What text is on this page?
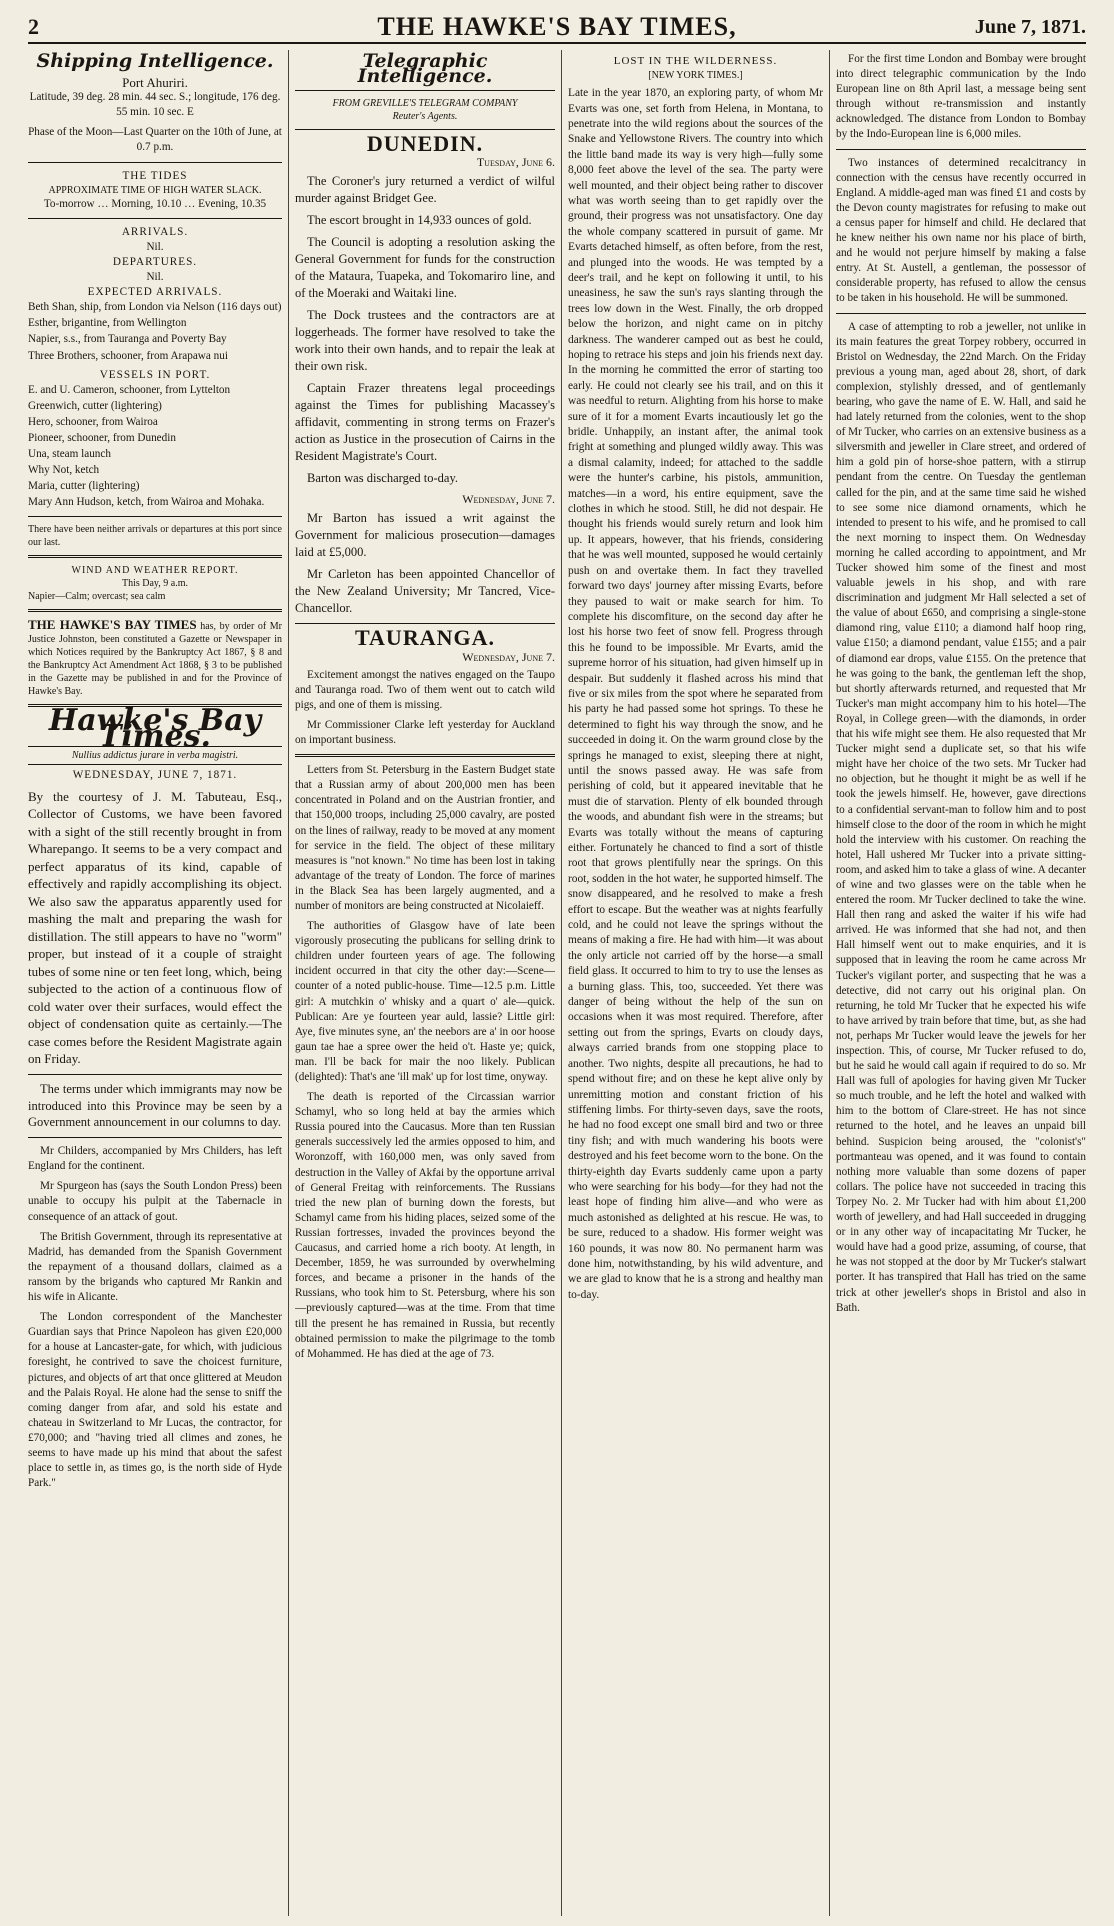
2	THE HAWKE'S BAY TIMES,	June 7, 1871.
Shipping Intelligence.
Port Ahuriri.

Latitude, 39 deg. 28 min. 44 sec. S.; longitude, 176 deg. 55 min. 10 sec. E

Phase of the Moon—Last Quarter on the 10th of June, at 0.7 p.m.

THE TIDES
APPROXIMATE TIME OF HIGH WATER SLACK.
To-morrow … Morning, 10.10 … Evening, 10.35
ARRIVALS.
Nil.
DEPARTURES.
Nil.
EXPECTED ARRIVALS.

Beth Shan, ship, from London via Nelson (116 days out)

Esther, brigantine, from Wellington

Napier, s.s., from Tauranga and Poverty Bay

Three Brothers, schooner, from Arapawa nui

VESSELS IN PORT.

E. and U. Cameron, schooner, from Lyttelton

Greenwich, cutter (lightering)

Hero, schooner, from Wairoa

Pioneer, schooner, from Dunedin

Una, steam launch

Why Not, ketch

Maria, cutter (lightering)

Mary Ann Hudson, ketch, from Wairoa and Mohaka.

There have been neither arrivals or departures at this port since our last.

WIND AND WEATHER REPORT.
This Day, 9 a.m.
Napier—Calm; overcast; sea calm
THE HAWKE'S BAY TIMES has, by order of Mr Justice Johnston, been constituted a Gazette or Newspaper in which Notices required by the Bankruptcy Act 1867, § 8 and the Bankruptcy Act Amendment Act 1868, § 3 to be published in the Gazette may be published in and for the Province of Hawke's Bay.
Hawke's Bay Times.
Nullius addictus jurare in verba magistri.
WEDNESDAY, JUNE 7, 1871.

By the courtesy of J. M. Tabuteau, Esq., Collector of Customs, we have been favored with a sight of the still recently brought in from Wharepango. It seems to be a very compact and perfect apparatus of its kind, capable of effectively and rapidly accomplishing its object. We also saw the apparatus apparently used for mashing the malt and preparing the wash for distillation. The still appears to have no "worm" proper, but instead of it a couple of straight tubes of some nine or ten feet long, which, being subjected to the action of a continuous flow of cold water over their surfaces, would effect the object of condensation quite as certainly.—The case comes before the Resident Magistrate again on Friday.

The terms under which immigrants may now be introduced into this Province may be seen by a Government announcement in our columns to day.

Mr Childers, accompanied by Mrs Childers, has left England for the continent.

Mr Spurgeon has (says the South London Press) been unable to occupy his pulpit at the Tabernacle in consequence of an attack of gout.

The British Government, through its representative at Madrid, has demanded from the Spanish Government the repayment of a thousand dollars, claimed as a ransom by the brigands who captured Mr Rankin and his wife in Alicante.

The London correspondent of the Manchester Guardian says that Prince Napoleon has given £20,000 for a house at Lancaster-gate, for which, with judicious foresight, he contrived to save the choicest furniture, pictures, and objects of art that once glittered at Meudon and the Palais Royal. He alone had the sense to sniff the coming danger from afar, and sold his estate and chateau in Switzerland to Mr Lucas, the contractor, for £70,000; and "having tried all climes and zones, he seems to have made up his mind that about the safest place to settle in, as times go, is the north side of Hyde Park."

Telegraphic Intelligence.
FROM GREVILLE'S TELEGRAM COMPANY
Reuter's Agents.
DUNEDIN.
Tuesday, June 6.

The Coroner's jury returned a verdict of wilful murder against Bridget Gee.

The escort brought in 14,933 ounces of gold.

The Council is adopting a resolution asking the General Government for funds for the construction of the Mataura, Tuapeka, and Tokomariro line, and of the Moeraki and Waitaki line.

The Dock trustees and the contractors are at loggerheads. The former have resolved to take the work into their own hands, and to repair the leak at their own risk.

Captain Frazer threatens legal proceedings against the Times for publishing Macassey's affidavit, commenting in strong terms on Frazer's action as Justice in the prosecution of Cairns in the Resident Magistrate's Court.

Barton was discharged to-day.

Wednesday, June 7.

Mr Barton has issued a writ against the Government for malicious prosecution—damages laid at £5,000.

Mr Carleton has been appointed Chancellor of the New Zealand University; Mr Tancred, Vice-Chancellor.

TAURANGA.
Wednesday, June 7.

Excitement amongst the natives engaged on the Taupo and Tauranga road. Two of them went out to catch wild pigs, and one of them is missing.

Mr Commissioner Clarke left yesterday for Auckland on important business.

Letters from St. Petersburg in the Eastern Budget state that a Russian army of about 200,000 men has been concentrated in Poland and on the Austrian frontier, and that 150,000 troops, including 25,000 cavalry, are posted on the lines of railway, ready to be moved at any moment for service in the field. The object of these military measures is "not known." No time has been lost in taking advantage of the treaty of London. The force of marines in the Black Sea has been largely augmented, and a number of monitors are being constructed at Nicolaieff.

The authorities of Glasgow have of late been vigorously prosecuting the publicans for selling drink to children under fourteen years of age. The following incident occurred in that city the other day:—Scene—counter of a noted public-house. Time—12.5 p.m. Little girl: A mutchkin o' whisky and a quart o' ale—quick. Publican: Are ye fourteen year auld, lassie? Little girl: Aye, five minutes syne, an' the neebors are a' in oor hoose gaun tae hae a spree ower the heid o't. Haste ye; quick, man. I'll be back for mair the noo likely. Publican (delighted): That's ane 'ill mak' up for lost time, onyway.

The death is reported of the Circassian warrior Schamyl, who so long held at bay the armies which Russia poured into the Caucasus. More than ten Russian generals successively led the armies opposed to him, and Woronzoff, with 160,000 men, was only saved from destruction in the Valley of Akfai by the opportune arrival of General Freitag with reinforcements. The Russians tried the new plan of burning down the forests, but Schamyl came from his hiding places, seized some of the Russian fortresses, invaded the provinces beyond the Caucasus, and carried home a rich booty. At length, in December, 1859, he was surrounded by overwhelming forces, and became a prisoner in the hands of the Russians, who took him to St. Petersburg, where his son—previously captured—was at the time. From that time till the present he has remained in Russia, but recently obtained permission to make the pilgrimage to the tomb of Mohammed. He has died at the age of 73.

LOST IN THE WILDERNESS.
[NEW YORK TIMES.]

Late in the year 1870, an exploring party, of whom Mr Evarts was one, set forth from Helena, in Montana, to penetrate into the wild regions about the sources of the Snake and Yellowstone Rivers. The country into which the little band made its way is very high—fully some 8,000 feet above the level of the sea. The party were well mounted, and their object being rather to discover what was worth seeing than to get rapidly over the ground, their progress was not unsatisfactory. One day the whole company scattered in pursuit of game. Mr Evarts detached himself, as often before, from the rest, and plunged into the woods. He was tempted by a deer's trail, and he kept on following it until, to his uneasiness, he saw the sun's rays slanting through the trees low down in the West. Finally, the orb dropped below the horizon, and night came on in pitchy darkness. The wanderer camped out as best he could, hoping to retrace his steps and join his friends next day. In the morning he committed the error of starting too early. He could not clearly see his trail, and on this it was needful to return. Alighting from his horse to make sure of it for a moment Evarts incautiously let go the bridle. Unhappily, an instant after, the animal took fright at something and plunged wildly away. This was a dismal calamity, indeed; for attached to the saddle were the hunter's carbine, his pistols, ammunition, matches—in a word, his entire equipment, save the clothes in which he stood. Still, he did not despair. He thought his friends would surely return and look him up. It appears, however, that his friends, considering that he was well mounted, supposed he would certainly push on and overtake them. In fact they travelled forward two days' journey after missing Evarts, before they paused to wait or make search for him. To complete his discomfiture, on the second day after he lost his horse two feet of snow fell. Progress through this he found to be impossible. Mr Evarts, amid the supreme horror of his situation, had given himself up in despair. But suddenly it flashed across his mind that five or six miles from the spot where he separated from his party he had passed some hot springs. To these he determined to fight his way through the snow, and he succeeded in doing it. On the warm ground close by the springs he managed to exist, sleeping there at night, until the snows passed away. He was safe from perishing of cold, but it appeared inevitable that he must die of starvation. Plenty of elk bounded through the woods, and abundant fish were in the streams; but Evarts was totally without the means of capturing either. Fortunately he chanced to find a sort of thistle root that grows plentifully near the springs. On this root, sodden in the hot water, he supported himself. The snow disappeared, and he resolved to make a fresh effort to escape. But the weather was at nights fearfully cold, and he could not leave the springs without the means of making a fire. He had with him—it was about the only article not carried off by the horse—a small field glass. It occurred to him to try to use the lenses as a burning glass. This, too, succeeded. Yet there was danger of being without the help of the sun on occasions when it was most required. Therefore, after setting out from the springs, Evarts on cloudy days, always carried brands from one stopping place to another. Two nights, despite all precautions, he had to spend without fire; and on these he kept alive only by unremitting motion and constant friction of his stiffening limbs. For thirty-seven days, save the roots, he had no food except one small bird and two or three tiny fish; and with much wandering his boots were destroyed and his feet become worn to the bone. On the thirty-eighth day Evarts suddenly came upon a party who were searching for his body—for they had not the least hope of finding him alive—and who were as much astonished as delighted at his rescue. He was, to be sure, reduced to a shadow. His former weight was 160 pounds, it was now 80. No permanent harm was done him, notwithstanding, by his wild adventure, and we are glad to know that he is a strong and healthy man to-day.

For the first time London and Bombay were brought into direct telegraphic communication by the Indo European line on 8th April last, a message being sent through without re-transmission and instantly acknowledged. The distance from London to Bombay by the Indo-European line is 6,000 miles.

Two instances of determined recalcitrancy in connection with the census have recently occurred in England. A middle-aged man was fined £1 and costs by the Devon county magistrates for refusing to make out a census paper for himself and child. He declared that he knew neither his own name nor his place of birth, and he would not perjure himself by making a false entry. At St. Austell, a gentleman, the possessor of considerable property, has refused to allow the census to be taken in his household. He will be summoned.

A case of attempting to rob a jeweller, not unlike in its main features the great Torpey robbery, occurred in Bristol on Wednesday, the 22nd March. On the Friday previous a young man, aged about 28, short, of dark complexion, stylishly dressed, and of gentlemanly bearing, who gave the name of E. W. Hall, and said he had lately returned from the colonies, went to the shop of Mr Tucker, who carries on an extensive business as a silversmith and jeweller in Clare street, and ordered of him a gold pin of horse-shoe pattern, with a stirrup pendant from the centre. On Tuesday the gentleman called for the pin, and at the same time said he wished to see some nice diamond ornaments, which he intended to present to his wife, and he promised to call the next morning to inspect them. On Wednesday morning he called according to appointment, and Mr Tucker showed him some of the finest and most valuable jewels in his shop, and with rare discrimination and judgment Mr Hall selected a set of the value of about £650, and comprising a single-stone diamond ring, value £110; a diamond half hoop ring, value £150; a diamond pendant, value £155; and a pair of diamond ear drops, value £155. On the pretence that he was going to the bank, the gentleman left the shop, but shortly afterwards returned, and requested that Mr Tucker's man might accompany him to his hotel—The Royal, in College green—with the diamonds, in order that his wife might see them. He also requested that Mr Tucker might send a duplicate set, so that his wife might have her choice of the two sets. Mr Tucker had no objection, but he thought it might be as well if he took the jewels himself. He, however, gave directions to a confidential servant-man to follow him and to post himself close to the door of the room in which he might hold the interview with his customer. On reaching the hotel, Hall ushered Mr Tucker into a private sitting-room, and asked him to take a glass of wine. A decanter of wine and two glasses were on the table when he entered the room. Mr Tucker declined to take the wine. Hall then rang and asked the waiter if his wife had arrived. He was informed that she had not, and then Hall himself went out to make enquiries, and it is supposed that in leaving the room he came across Mr Tucker's vigilant porter, and suspecting that he was a detective, did not carry out his original plan. On returning, he told Mr Tucker that he expected his wife to have arrived by train before that time, but, as she had not, perhaps Mr Tucker would leave the jewels for her inspection. This, of course, Mr Tucker refused to do, but he said he would call again if required to do so. Mr Hall was full of apologies for having given Mr Tucker so much trouble, and he left the hotel and walked with him to the bottom of Clare-street. He has not since returned to the hotel, and he leaves an unpaid bill behind. Suspicion being aroused, the "colonist's" portmanteau was opened, and it was found to contain nothing more valuable than some dozens of paper collars. The police have not succeeded in tracing this Torpey No. 2. Mr Tucker had with him about £1,200 worth of jewellery, and had Hall succeeded in drugging or in any other way of incapacitating Mr Tucker, he would have had a good prize, assuming, of course, that he was not stopped at the door by Mr Tucker's stalwart porter. It has transpired that Hall has tried on the same trick at other jeweller's shops in Bristol and also in Bath.
